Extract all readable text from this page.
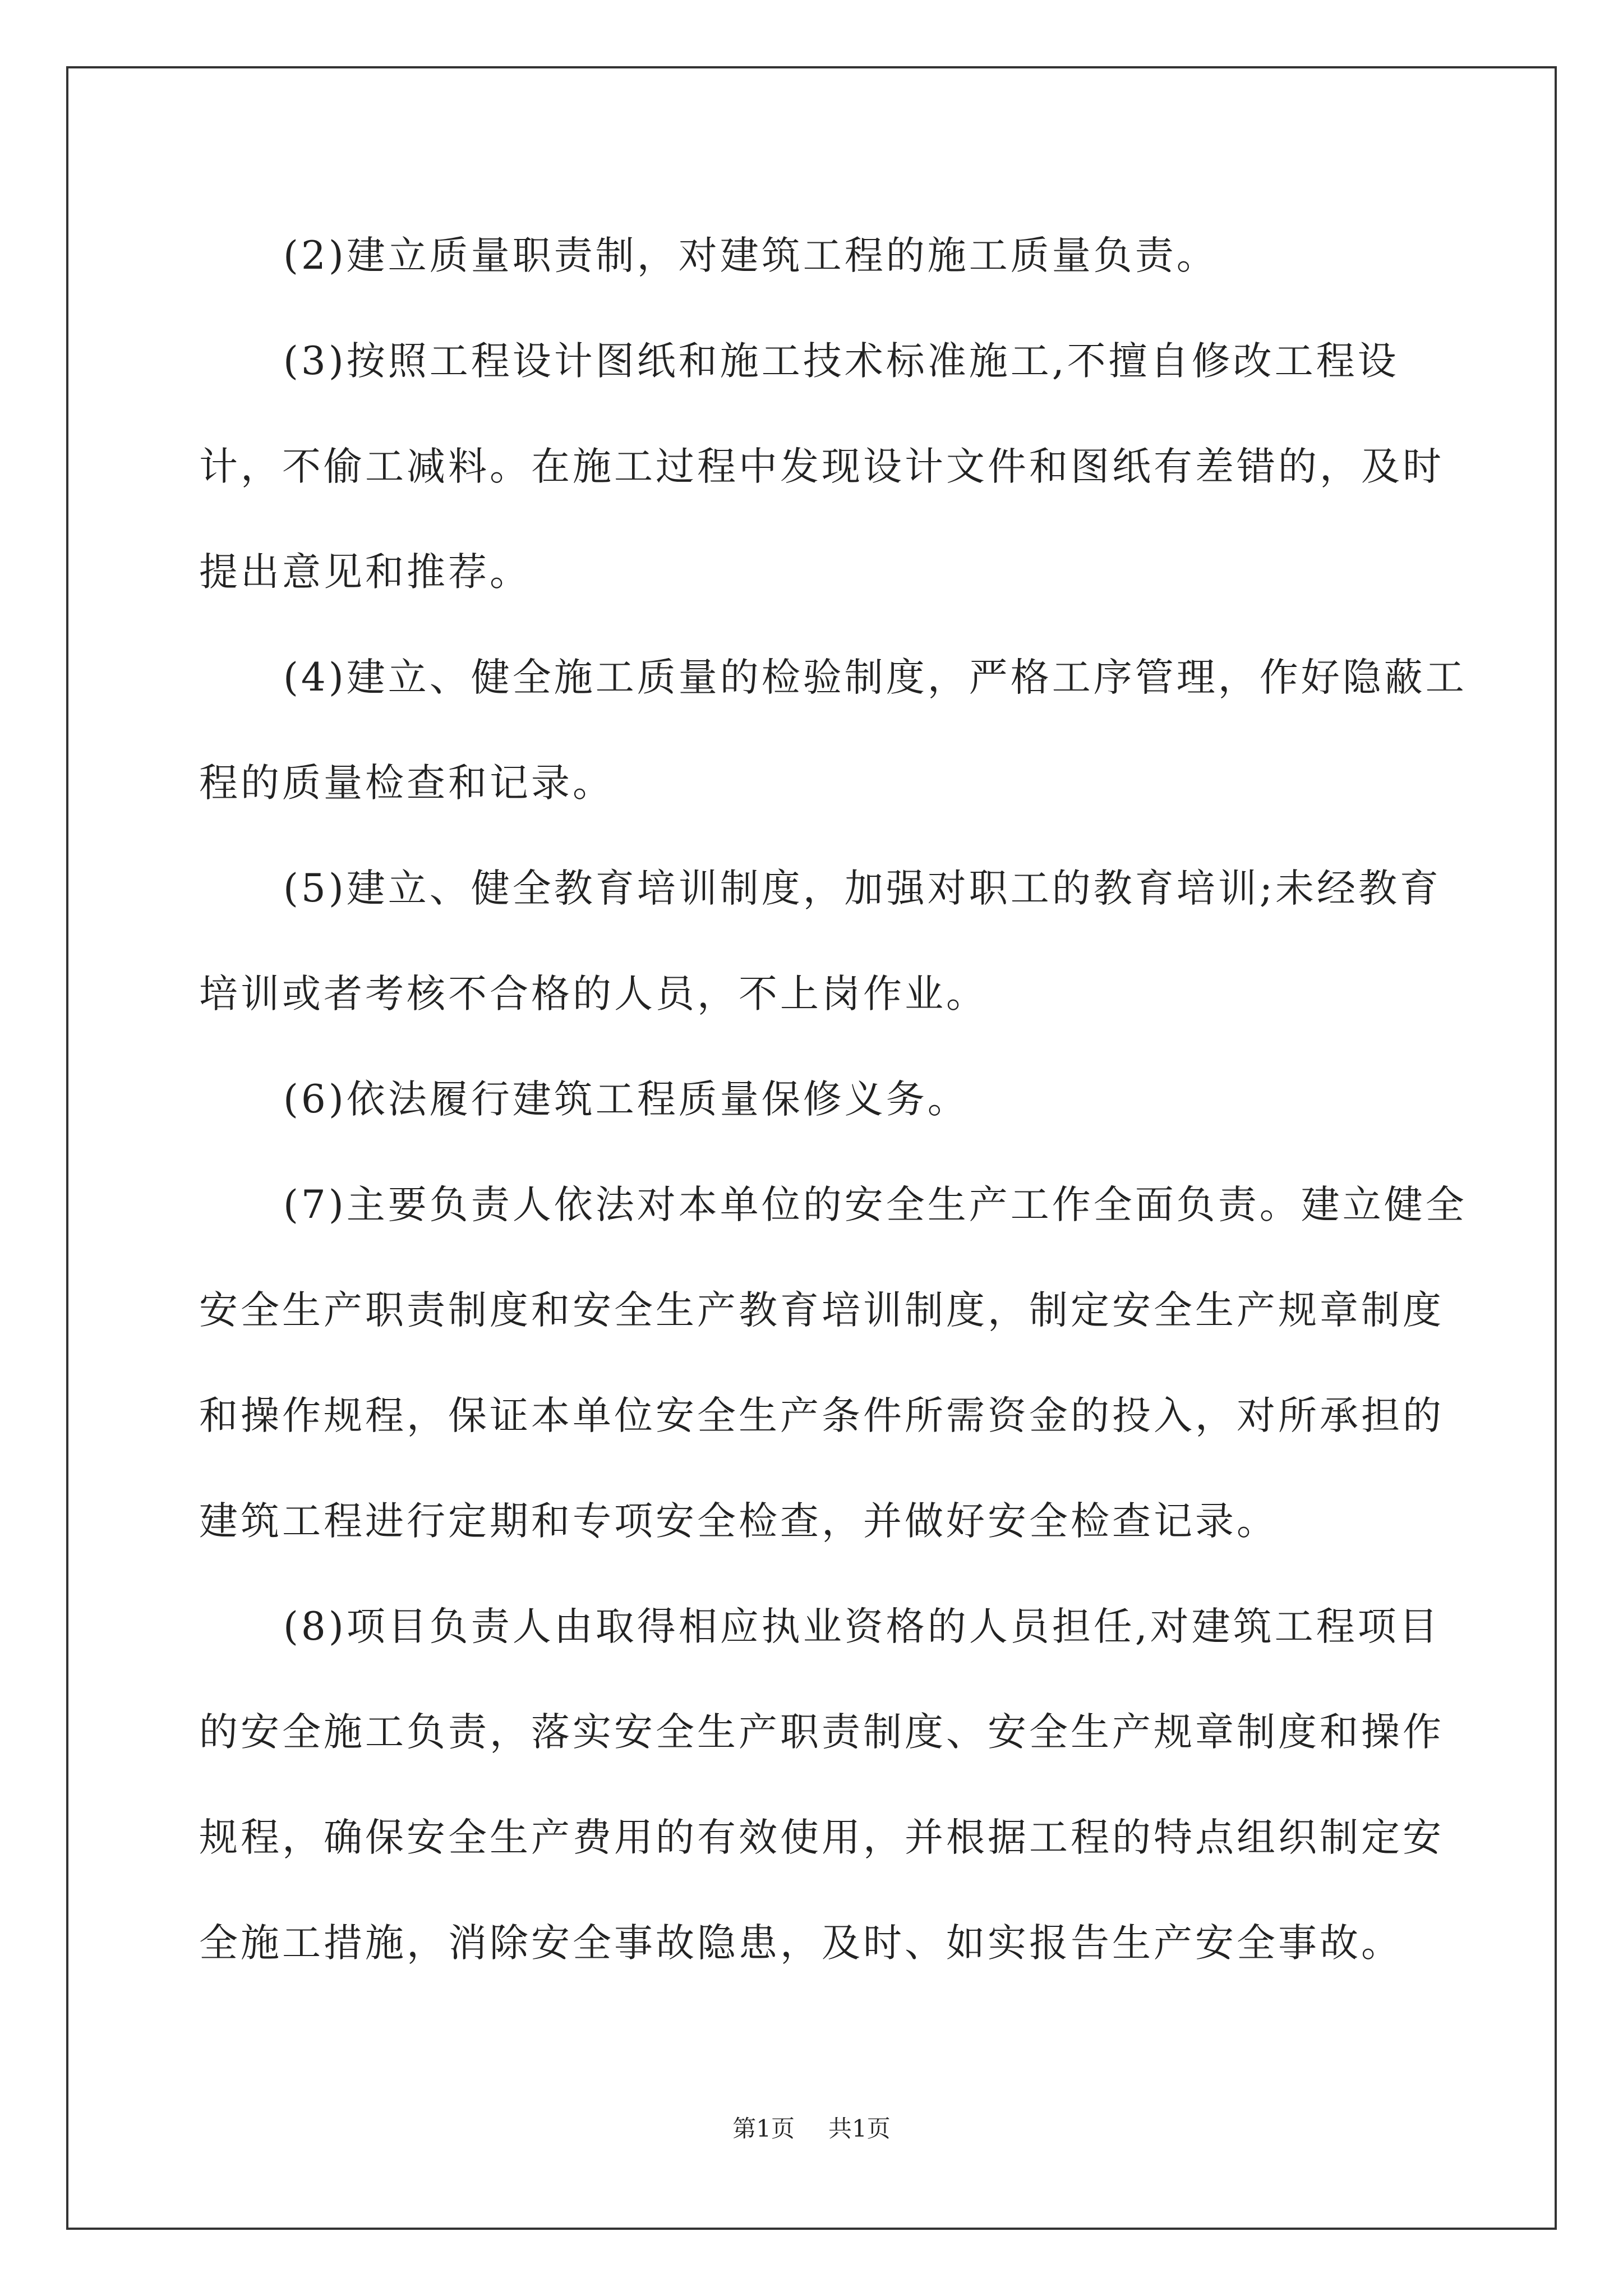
(2)建立质量职责制，对建筑工程的施工质量负责。

(3)按照工程设计图纸和施工技术标准施工,不擅自修改工程设计，不偷工减料。在施工过程中发现设计文件和图纸有差错的，及时提出意见和推荐。

(4)建立、健全施工质量的检验制度，严格工序管理，作好隐蔽工程的质量检查和记录。

(5)建立、健全教育培训制度，加强对职工的教育培训;未经教育培训或者考核不合格的人员，不上岗作业。

(6)依法履行建筑工程质量保修义务。

(7)主要负责人依法对本单位的安全生产工作全面负责。建立健全安全生产职责制度和安全生产教育培训制度，制定安全生产规章制度和操作规程，保证本单位安全生产条件所需资金的投入，对所承担的建筑工程进行定期和专项安全检查，并做好安全检查记录。

(8)项目负责人由取得相应执业资格的人员担任,对建筑工程项目的安全施工负责，落实安全生产职责制度、安全生产规章制度和操作规程，确保安全生产费用的有效使用，并根据工程的特点组织制定安全施工措施，消除安全事故隐患，及时、如实报告生产安全事故。

第1页 共1页
